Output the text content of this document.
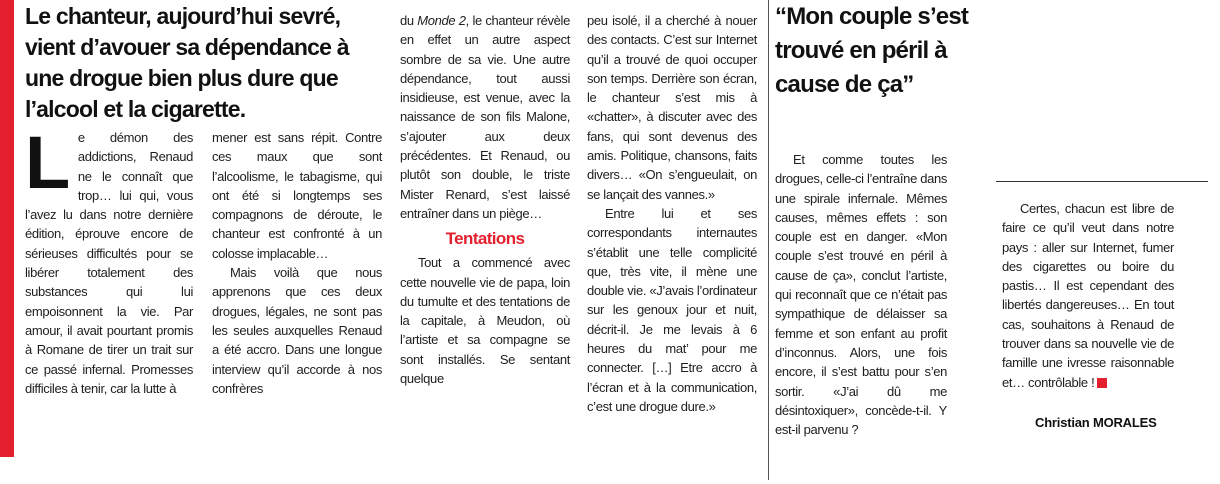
Le chanteur, aujourd’hui sevré, vient d’avouer sa dépendance à une drogue bien plus dure que l’alcool et la cigarette.

Le démon des addictions, Renaud ne le connaît que trop… lui qui, vous l’avez lu dans notre dernière édition, éprouve encore de sérieuses difficultés pour se libérer totalement des substances qui lui empoisonnent la vie. Par amour, il avait pourtant promis à Romane de tirer un trait sur ce passé infernal. Promesses difficiles à tenir, car la lutte à

mener est sans répit. Contre ces maux que sont l’alcoolisme, le tabagisme, qui ont été si longtemps ses compagnons de déroute, le chanteur est confronté à un colosse implacable…

Mais voilà que nous apprenons que ces deux drogues, légales, ne sont pas les seules auxquelles Renaud a été accro. Dans une longue interview qu’il accorde à nos confrères

du Monde 2, le chanteur révèle en effet un autre aspect sombre de sa vie. Une autre dépendance, tout aussi insidieuse, est venue, avec la naissance de son fils Malone, s’ajouter aux deux précédentes. Et Renaud, ou plutôt son double, le triste Mister Renard, s’est laissé entraîner dans un piège…

Tentations

Tout a commencé avec cette nouvelle vie de papa, loin du tumulte et des tentations de la capitale, à Meudon, où l’artiste et sa compagne se sont installés. Se sentant quelque

peu isolé, il a cherché à nouer des contacts. C’est sur Internet qu’il a trouvé de quoi occuper son temps. Derrière son écran, le chanteur s’est mis à «chatter», à discuter avec des fans, qui sont devenus des amis. Politique, chansons, faits divers… «On s’engueulait, on se lançait des vannes.»

Entre lui et ses correspondants internautes s’établit une telle complicité que, très vite, il mène une double vie. «J’avais l’ordinateur sur les genoux jour et nuit, décrit-il. Je me levais à 6 heures du mat’ pour me connecter. […] Etre accro à l’écran et à la communication, c’est une drogue dure.»

“Mon couple s’est trouvé en péril à cause de ça”

Et comme toutes les drogues, celle-ci l’entraîne dans une spirale infernale. Mêmes causes, mêmes effets : son couple est en danger. «Mon couple s’est trouvé en péril à cause de ça», conclut l’artiste, qui reconnaît que ce n’était pas sympathique de délaisser sa femme et son enfant au profit d’inconnus. Alors, une fois encore, il s’est battu pour s’en sortir. «J’ai dû me désintoxiquer», concède-t-il. Y est-il parvenu ?

Certes, chacun est libre de faire ce qu’il veut dans notre pays : aller sur Internet, fumer des cigarettes ou boire du pastis… Il est cependant des libertés dangereuses… En tout cas, souhaitons à Renaud de trouver dans sa nouvelle vie de famille une ivresse raisonnable et… contrôlable !

Christian MORALES
